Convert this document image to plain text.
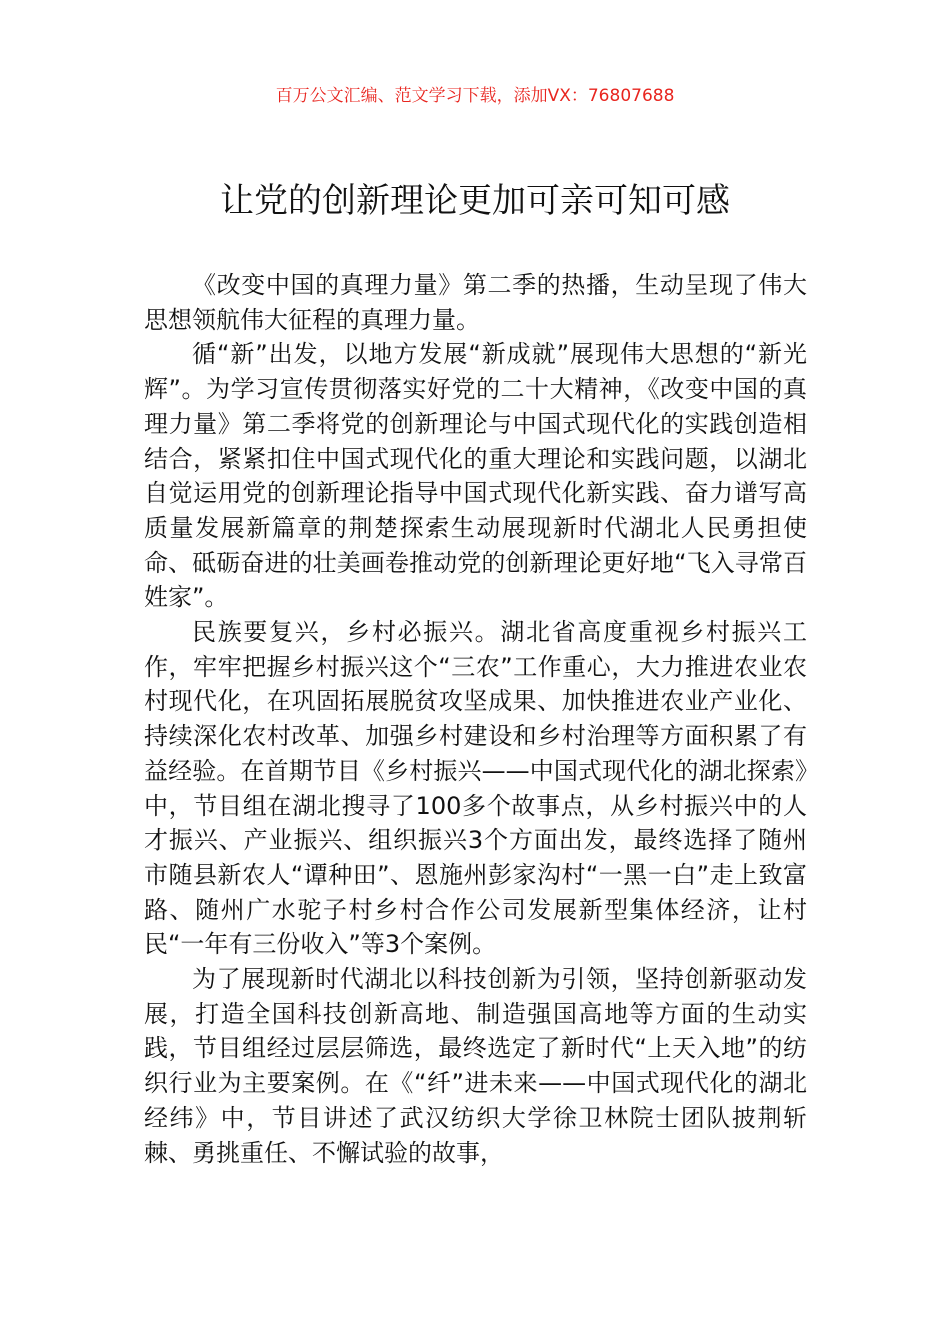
百万公文汇编、范文学习下载，添加VX：76807688
让党的创新理论更加可亲可知可感

《改变中国的真理力量》第二季的热播，生动呈现了伟大思想领航伟大征程的真理力量。

循“新”出发，以地方发展“新成就”展现伟大思想的“新光辉”。为学习宣传贯彻落实好党的二十大精神，《改变中国的真理力量》第二季将党的创新理论与中国式现代化的实践创造相结合，紧紧扣住中国式现代化的重大理论和实践问题，以湖北自觉运用党的创新理论指导中国式现代化新实践、奋力谱写高质量发展新篇章的荆楚探索生动展现新时代湖北人民勇担使命、砥砺奋进的壮美画卷推动党的创新理论更好地“飞入寻常百姓家”。

民族要复兴，乡村必振兴。湖北省高度重视乡村振兴工作，牢牢把握乡村振兴这个“三农”工作重心，大力推进农业农村现代化，在巩固拓展脱贫攻坚成果、加快推进农业产业化、持续深化农村改革、加强乡村建设和乡村治理等方面积累了有益经验。在首期节目《乡村振兴——中国式现代化的湖北探索》中，节目组在湖北搜寻了100多个故事点，从乡村振兴中的人才振兴、产业振兴、组织振兴3个方面出发，最终选择了随州市随县新农人“谭种田”、恩施州彭家沟村“一黑一白”走上致富路、随州广水驼子村乡村合作公司发展新型集体经济，让村民“一年有三份收入”等3个案例。

为了展现新时代湖北以科技创新为引领，坚持创新驱动发展，打造全国科技创新高地、制造强国高地等方面的生动实践，节目组经过层层筛选，最终选定了新时代“上天入地”的纺织行业为主要案例。在《“纤”进未来——中国式现代化的湖北经纬》中，节目讲述了武汉纺织大学徐卫林院士团队披荆斩棘、勇挑重任、不懈试验的故事，
